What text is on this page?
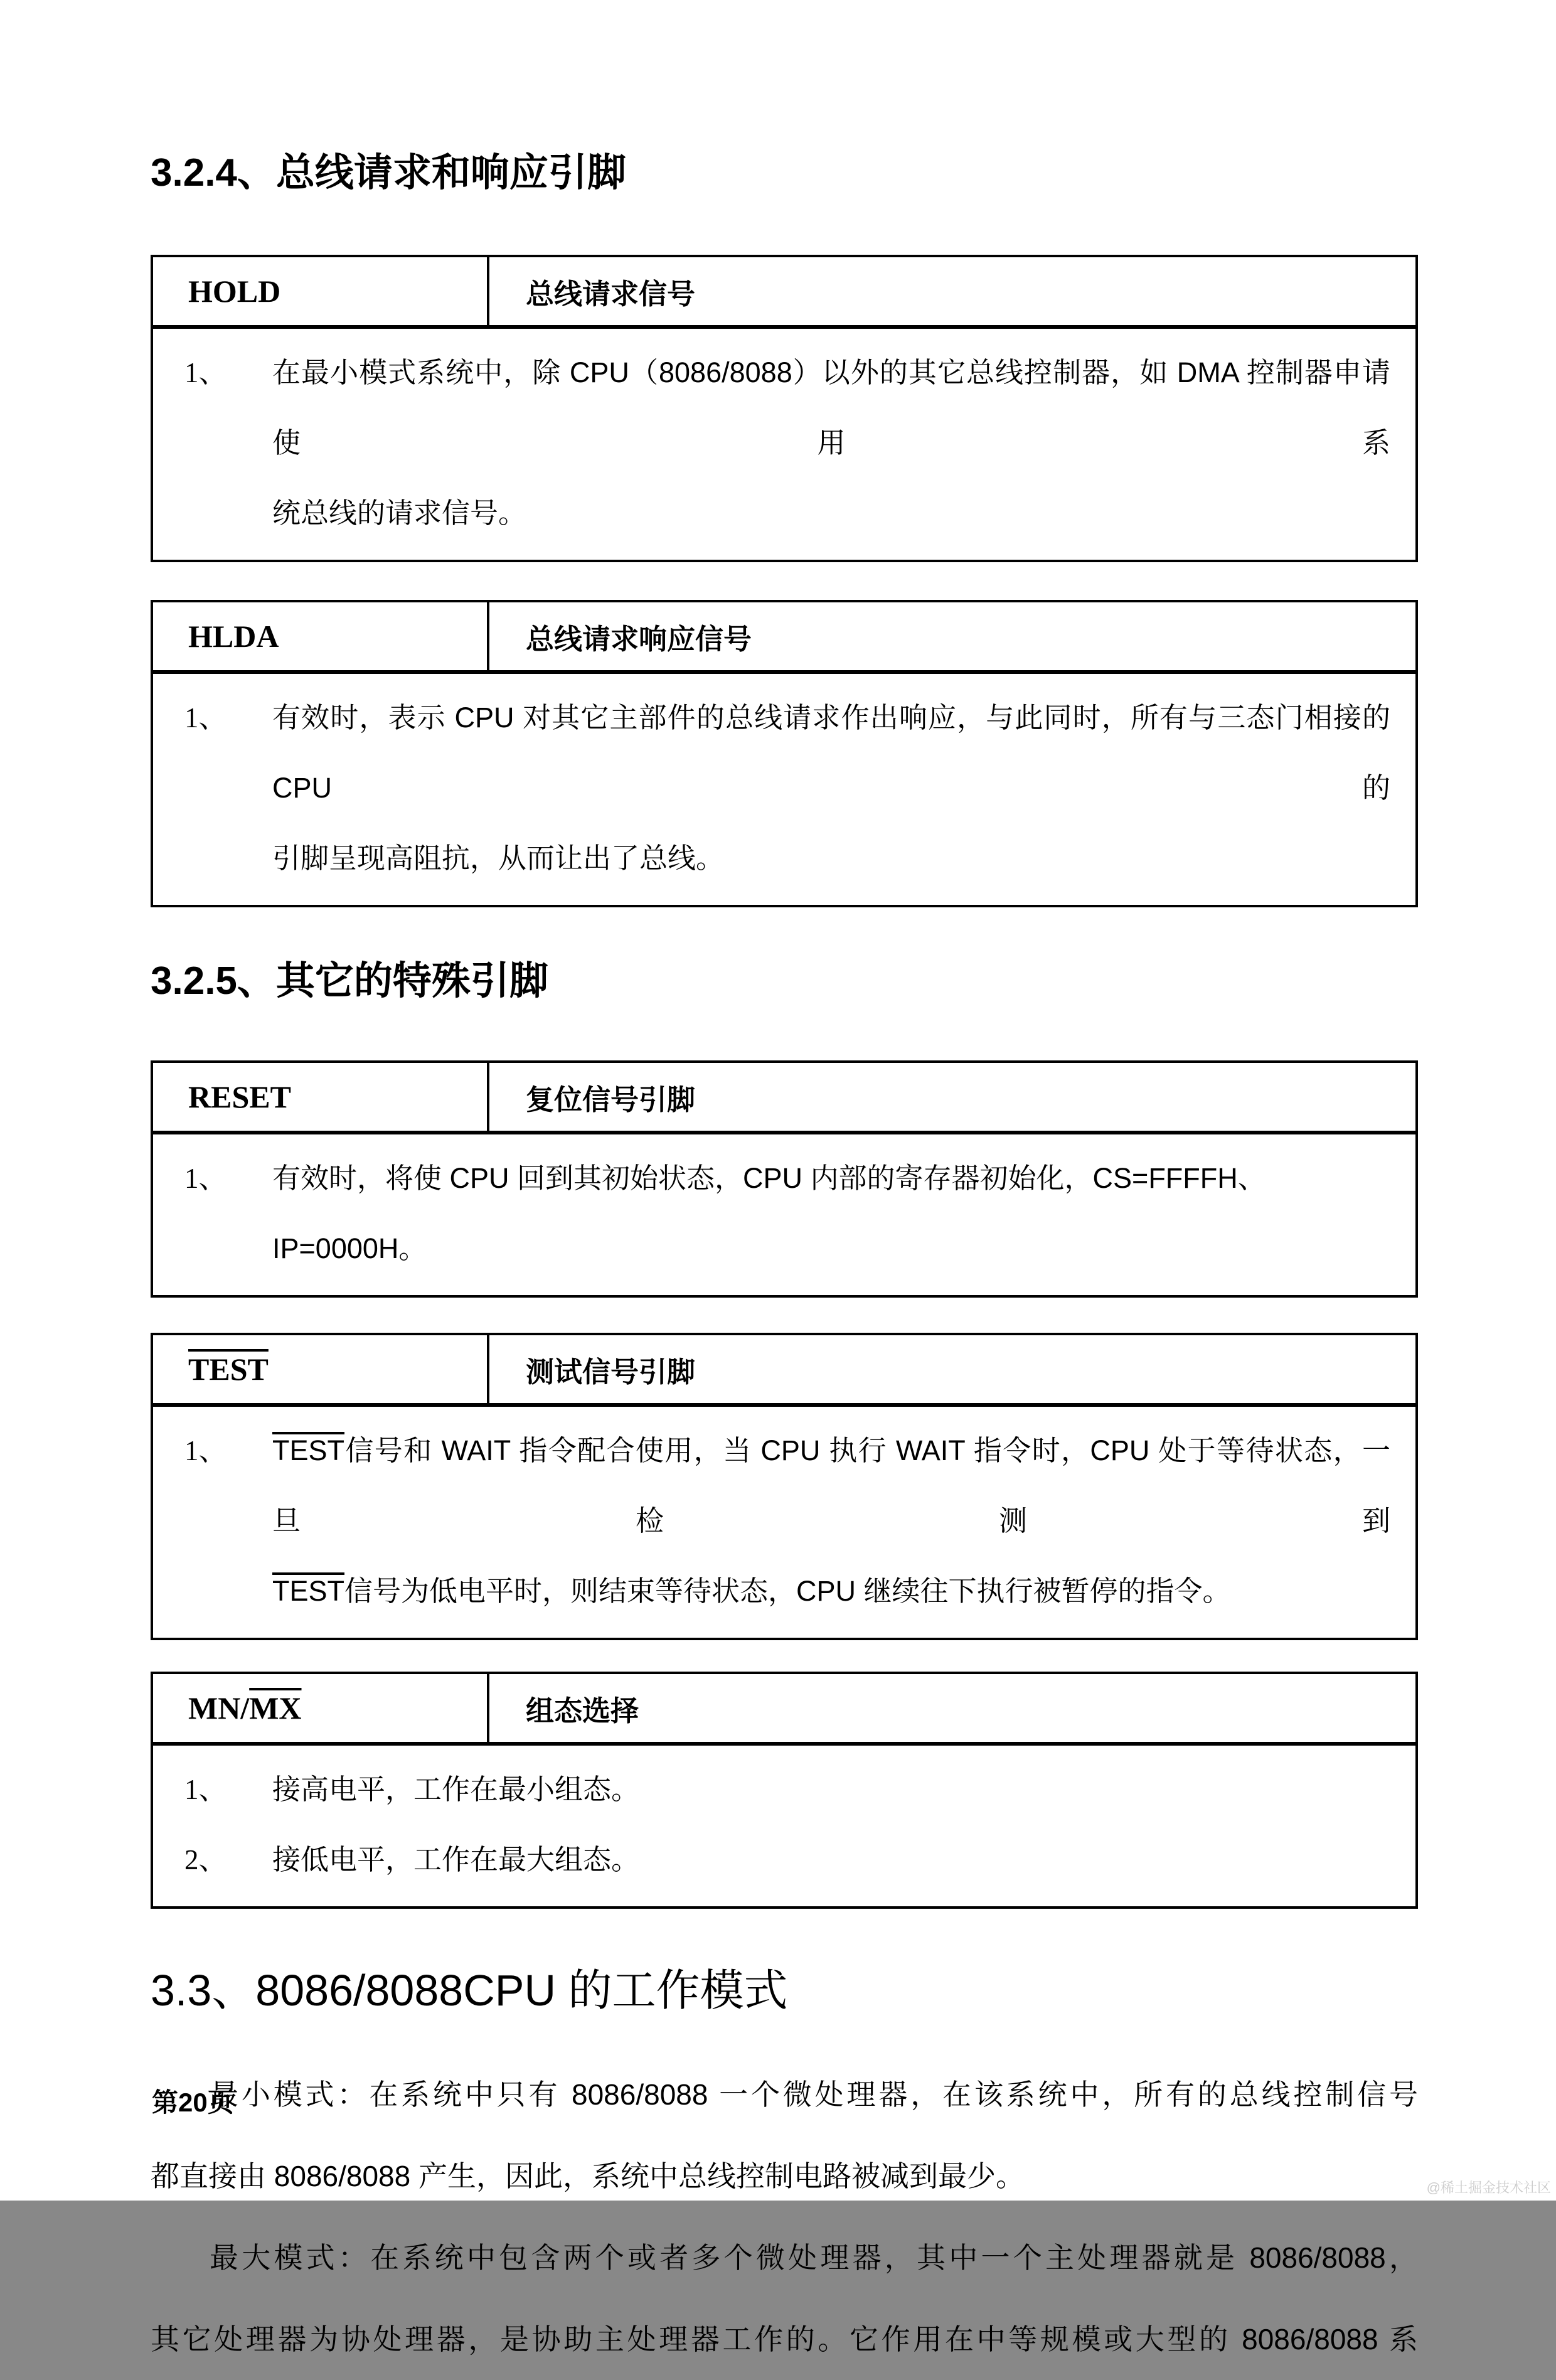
3.2.4、总线请求和响应引脚
HOLD	总线请求信号
1、	在最小模式系统中，除 CPU（8086/8088）以外的其它总线控制器，如 DMA 控制器申请使用系
统总线的请求信号。
HLDA	总线请求响应信号
1、	有效时，表示 CPU 对其它主部件的总线请求作出响应，与此同时，所有与三态门相接的 CPU 的
引脚呈现高阻抗，从而让出了总线。
3.2.5、其它的特殊引脚
RESET	复位信号引脚
1、	有效时，将使 CPU 回到其初始状态，CPU 内部的寄存器初始化，CS=FFFFH、IP=0000H。
TEST	测试信号引脚
1、	TEST信号和 WAIT 指令配合使用，当 CPU 执行 WAIT 指令时，CPU 处于等待状态，一旦检测到
TEST信号为低电平时，则结束等待状态，CPU 继续往下执行被暂停的指令。
MN/ $\overline{MX}$	组态选择
1、	接高电平，工作在最小组态。
2、	接低电平，工作在最大组态。
3.3、8086/8088CPU 的工作模式
最小模式：在系统中只有 8086/8088 一个微处理器，在该系统中，所有的总线控制信号
都直接由 8086/8088 产生，因此，系统中总线控制电路被减到最少。
最大模式：在系统中包含两个或者多个微处理器，其中一个主处理器就是 8086/8088，
其它处理器为协处理器，是协助主处理器工作的。它作用在中等规模或大型的 8086/8088 系
第20页
@稀土掘金技术社区
